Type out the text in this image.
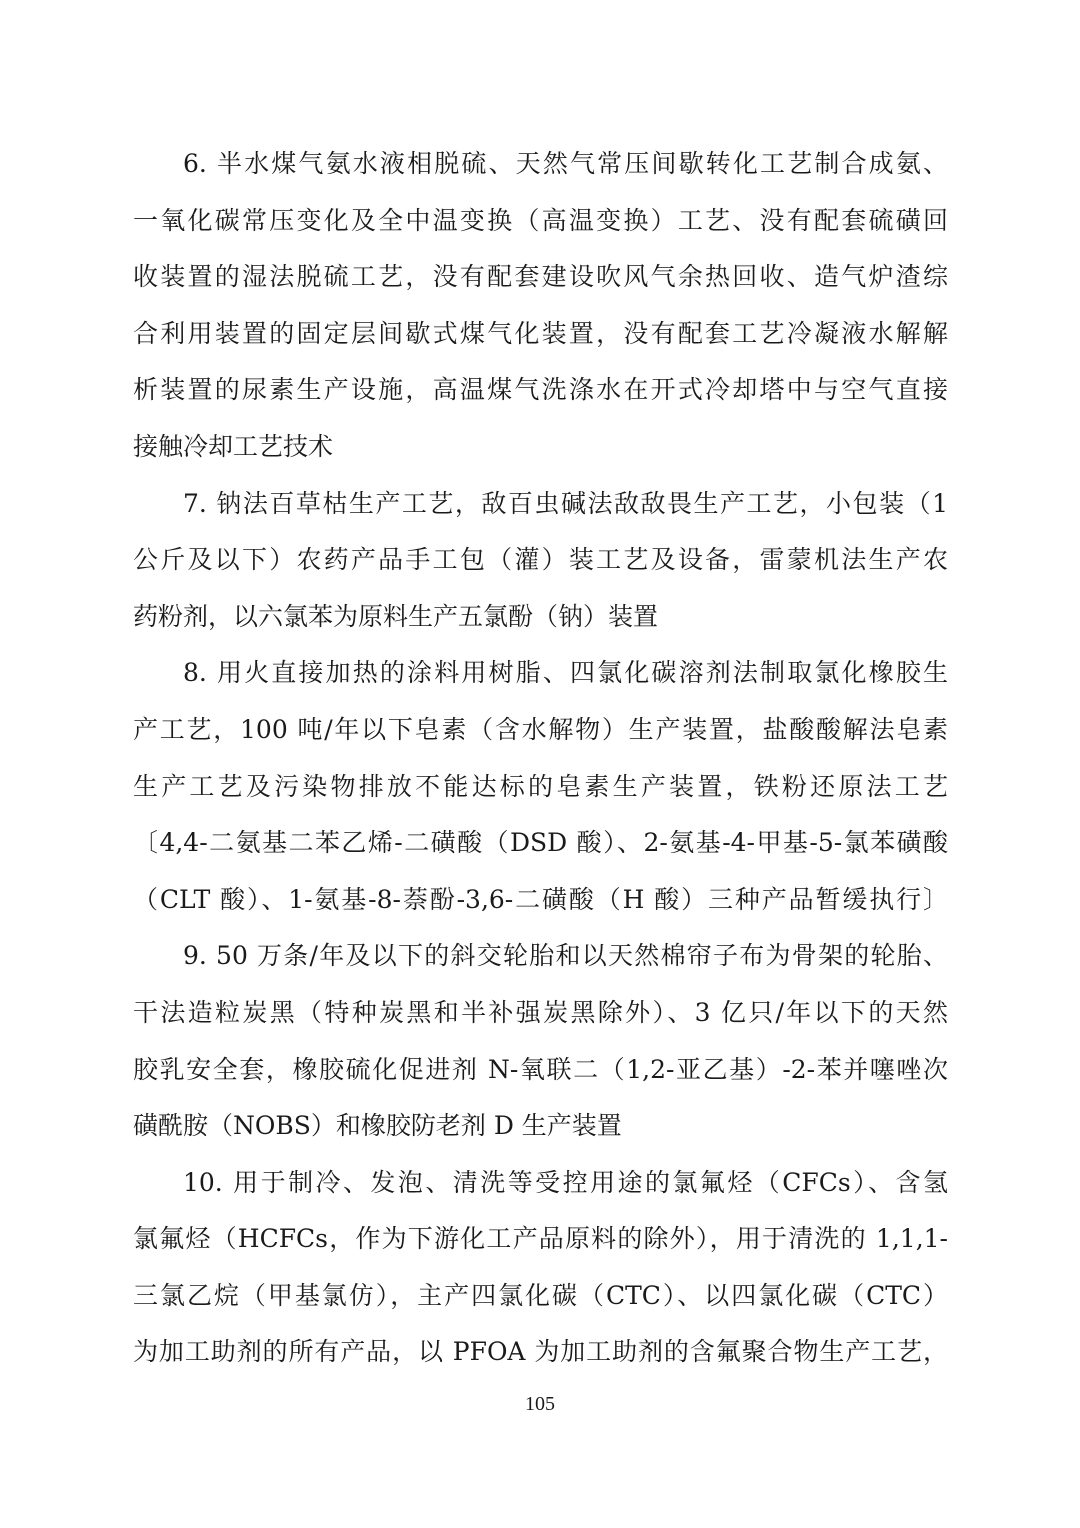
6. 半水煤气氨水液相脱硫、天然气常压间歇转化工艺制合成氨、
一氧化碳常压变化及全中温变换（高温变换）工艺、没有配套硫磺回
收装置的湿法脱硫工艺，没有配套建设吹风气余热回收、造气炉渣综
合利用装置的固定层间歇式煤气化装置，没有配套工艺冷凝液水解解
析装置的尿素生产设施，高温煤气洗涤水在开式冷却塔中与空气直接
接触冷却工艺技术
7. 钠法百草枯生产工艺，敌百虫碱法敌敌畏生产工艺，小包装（1
公斤及以下）农药产品手工包（灌）装工艺及设备，雷蒙机法生产农
药粉剂，以六氯苯为原料生产五氯酚（钠）装置
8. 用火直接加热的涂料用树脂、四氯化碳溶剂法制取氯化橡胶生
产工艺，100 吨/年以下皂素（含水解物）生产装置，盐酸酸解法皂素
生产工艺及污染物排放不能达标的皂素生产装置，铁粉还原法工艺
〔4,4-二氨基二苯乙烯-二磺酸（DSD 酸）、2-氨基-4-甲基-5-氯苯磺酸
（CLT 酸）、1-氨基-8-萘酚-3,6-二磺酸（H 酸）三种产品暂缓执行〕
9. 50 万条/年及以下的斜交轮胎和以天然棉帘子布为骨架的轮胎、
干法造粒炭黑（特种炭黑和半补强炭黑除外）、3 亿只/年以下的天然
胶乳安全套，橡胶硫化促进剂 N-氧联二（1,2-亚乙基）-2-苯并噻唑次
磺酰胺（NOBS）和橡胶防老剂 D 生产装置
10. 用于制冷、发泡、清洗等受控用途的氯氟烃（CFCs）、含氢
氯氟烃（HCFCs，作为下游化工产品原料的除外），用于清洗的 1,1,1-
三氯乙烷（甲基氯仿），主产四氯化碳（CTC）、以四氯化碳（CTC）
为加工助剂的所有产品，以 PFOA 为加工助剂的含氟聚合物生产工艺，
105
